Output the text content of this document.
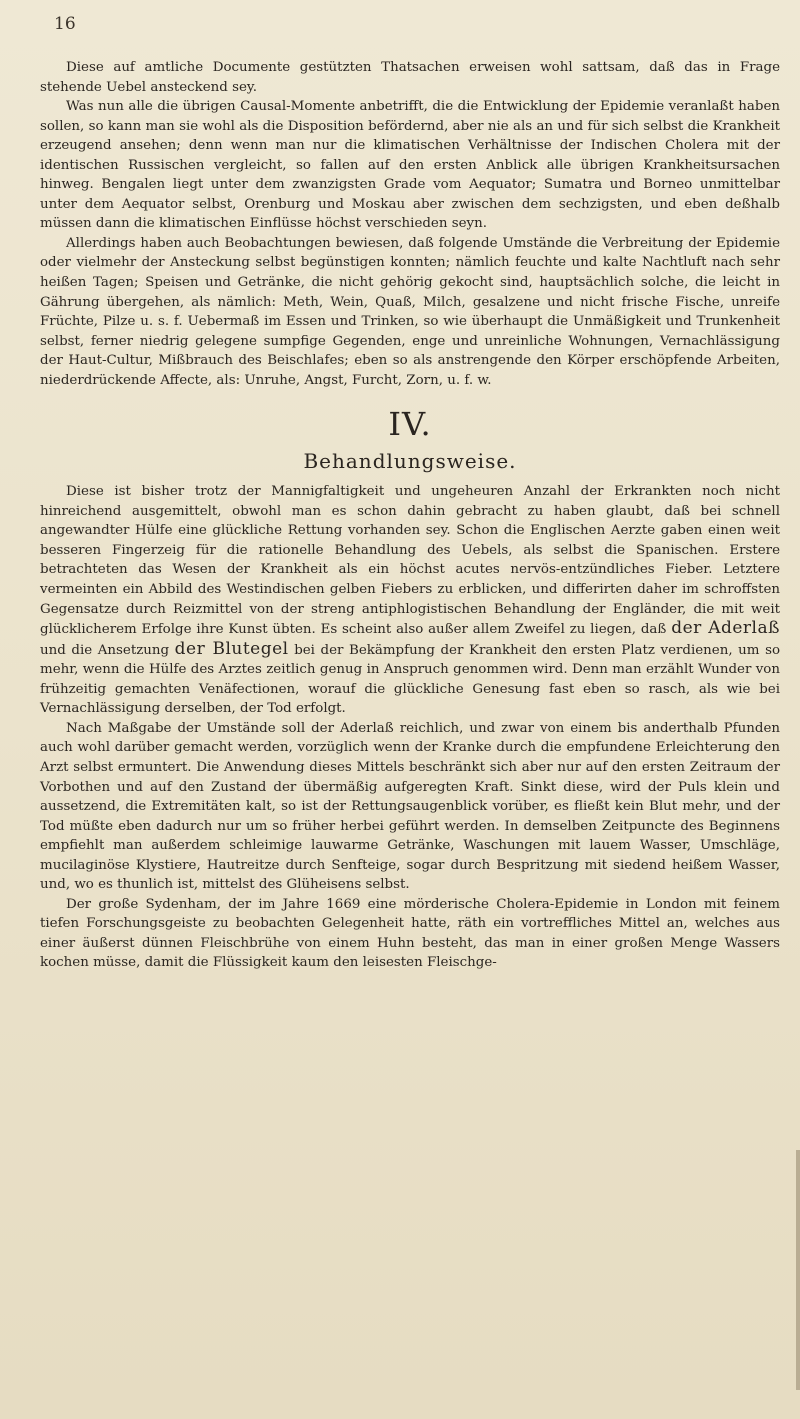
16

Diese auf amtliche Documente gestützten Thatsachen erweisen wohl sattsam, daß das in Frage stehende Uebel ansteckend sey.

Was nun alle die übrigen Causal-Momente anbetrifft, die die Entwicklung der Epidemie veranlaßt haben sollen, so kann man sie wohl als die Disposition befördernd, aber nie als an und für sich selbst die Krankheit erzeugend ansehen; denn wenn man nur die klimatischen Verhältnisse der Indischen Cholera mit der identischen Russischen vergleicht, so fallen auf den ersten Anblick alle übrigen Krankheitsursachen hinweg. Bengalen liegt unter dem zwanzigsten Grade vom Aequator; Sumatra und Borneo unmittelbar unter dem Aequator selbst, Orenburg und Moskau aber zwischen dem sechzigsten, und eben deßhalb müssen dann die klimatischen Einflüsse höchst verschieden seyn.

Allerdings haben auch Beobachtungen bewiesen, daß folgende Umstände die Verbreitung der Epidemie oder vielmehr der Ansteckung selbst begünstigen konnten; nämlich feuchte und kalte Nachtluft nach sehr heißen Tagen; Speisen und Getränke, die nicht gehörig gekocht sind, hauptsächlich solche, die leicht in Gährung übergehen, als nämlich: Meth, Wein, Quaß, Milch, gesalzene und nicht frische Fische, unreife Früchte, Pilze u. s. f. Uebermaß im Essen und Trinken, so wie überhaupt die Unmäßigkeit und Trunkenheit selbst, ferner niedrig gelegene sumpfige Gegenden, enge und unreinliche Wohnungen, Vernachlässigung der Haut-Cultur, Mißbrauch des Beischlafes; eben so als anstrengende den Körper erschöpfende Arbeiten, niederdrückende Affecte, als: Unruhe, Angst, Furcht, Zorn, u. f. w.

IV.
Behandlungsweise.

Diese ist bisher trotz der Mannigfaltigkeit und ungeheuren Anzahl der Erkrankten noch nicht hinreichend ausgemittelt, obwohl man es schon dahin gebracht zu haben glaubt, daß bei schnell angewandter Hülfe eine glückliche Rettung vorhanden sey. Schon die Englischen Aerzte gaben einen weit besseren Fingerzeig für die rationelle Behandlung des Uebels, als selbst die Spanischen. Erstere betrachteten das Wesen der Krankheit als ein höchst acutes nervös-entzündliches Fieber. Letztere vermeinten ein Abbild des Westindischen gelben Fiebers zu erblicken, und differirten daher im schroffsten Gegensatze durch Reizmittel von der streng antiphlogistischen Behandlung der Engländer, die mit weit glücklicherem Erfolge ihre Kunst übten. Es scheint also außer allem Zweifel zu liegen, daß der Aderlaß und die Ansetzung der Blutegel bei der Bekämpfung der Krankheit den ersten Platz verdienen, um so mehr, wenn die Hülfe des Arztes zeitlich genug in Anspruch genommen wird. Denn man erzählt Wunder von frühzeitig gemachten Venäfectionen, worauf die glückliche Genesung fast eben so rasch, als wie bei Vernachlässigung derselben, der Tod erfolgt.

Nach Maßgabe der Umstände soll der Aderlaß reichlich, und zwar von einem bis anderthalb Pfunden auch wohl darüber gemacht werden, vorzüglich wenn der Kranke durch die empfundene Erleichterung den Arzt selbst ermuntert. Die Anwendung dieses Mittels beschränkt sich aber nur auf den ersten Zeitraum der Vorbothen und auf den Zustand der übermäßig aufgeregten Kraft. Sinkt diese, wird der Puls klein und aussetzend, die Extremitäten kalt, so ist der Rettungsaugenblick vorüber, es fließt kein Blut mehr, und der Tod müßte eben dadurch nur um so früher herbei geführt werden. In demselben Zeitpuncte des Beginnens empfiehlt man außerdem schleimige lauwarme Getränke, Waschungen mit lauem Wasser, Umschläge, mucilaginöse Klystiere, Hautreitze durch Senfteige, sogar durch Bespritzung mit siedend heißem Wasser, und, wo es thunlich ist, mittelst des Glüheisens selbst.

Der große Sydenham, der im Jahre 1669 eine mörderische Cholera-Epidemie in London mit feinem tiefen Forschungsgeiste zu beobachten Gelegenheit hatte, räth ein vortreffliches Mittel an, welches aus einer äußerst dünnen Fleischbrühe von einem Huhn besteht, das man in einer großen Menge Wassers kochen müsse, damit die Flüssigkeit kaum den leisesten Fleischge-
